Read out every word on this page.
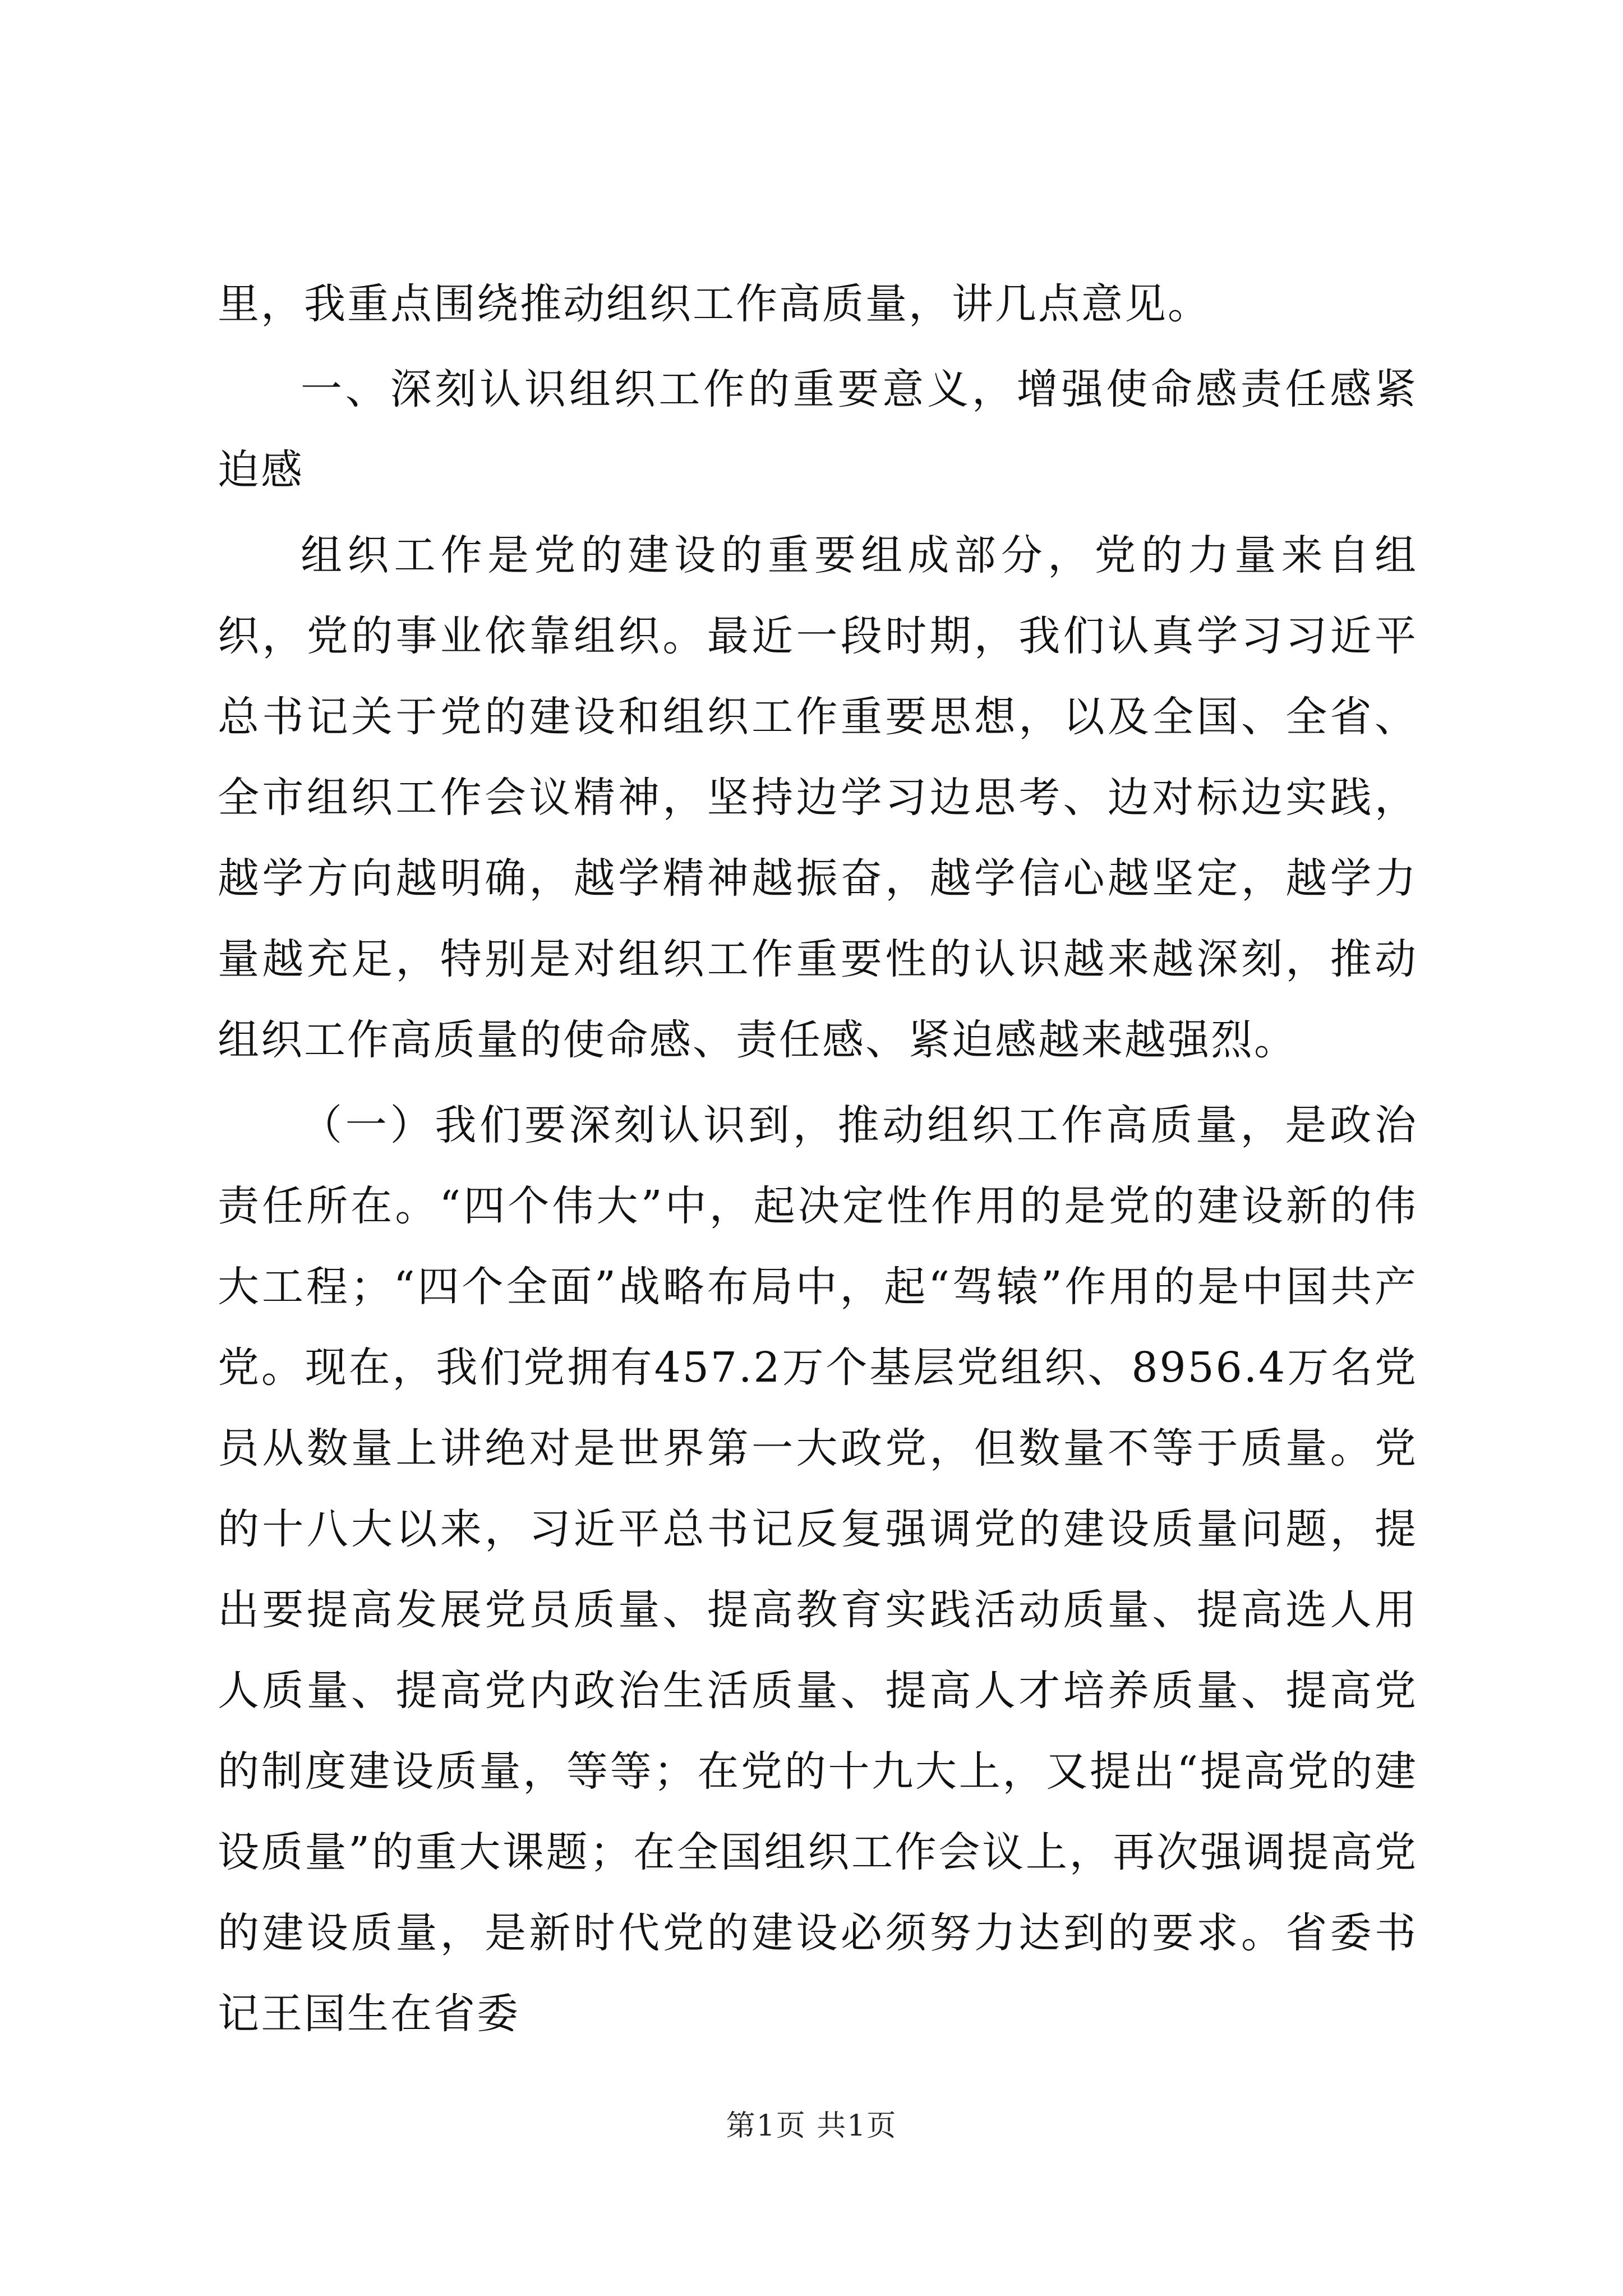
里，我重点围绕推动组织工作高质量，讲几点意见。

一、深刻认识组织工作的重要意义，增强使命感责任感紧迫感

组织工作是党的建设的重要组成部分，党的力量来自组织，党的事业依靠组织。最近一段时期，我们认真学习习近平总书记关于党的建设和组织工作重要思想，以及全国、全省、全市组织工作会议精神，坚持边学习边思考、边对标边实践，越学方向越明确，越学精神越振奋，越学信心越坚定，越学力量越充足，特别是对组织工作重要性的认识越来越深刻，推动组织工作高质量的使命感、责任感、紧迫感越来越强烈。

（一）我们要深刻认识到，推动组织工作高质量，是政治责任所在。“四个伟大”中，起决定性作用的是党的建设新的伟大工程；“四个全面”战略布局中，起“驾辕”作用的是中国共产党。现在，我们党拥有457.2万个基层党组织、8956.4万名党员从数量上讲绝对是世界第一大政党，但数量不等于质量。党的十八大以来，习近平总书记反复强调党的建设质量问题，提出要提高发展党员质量、提高教育实践活动质量、提高选人用人质量、提高党内政治生活质量、提高人才培养质量、提高党的制度建设质量，等等；在党的十九大上，又提出“提高党的建设质量”的重大课题；在全国组织工作会议上，再次强调提高党的建设质量，是新时代党的建设必须努力达到的要求。省委书记王国生在省委

第1页 共1页
